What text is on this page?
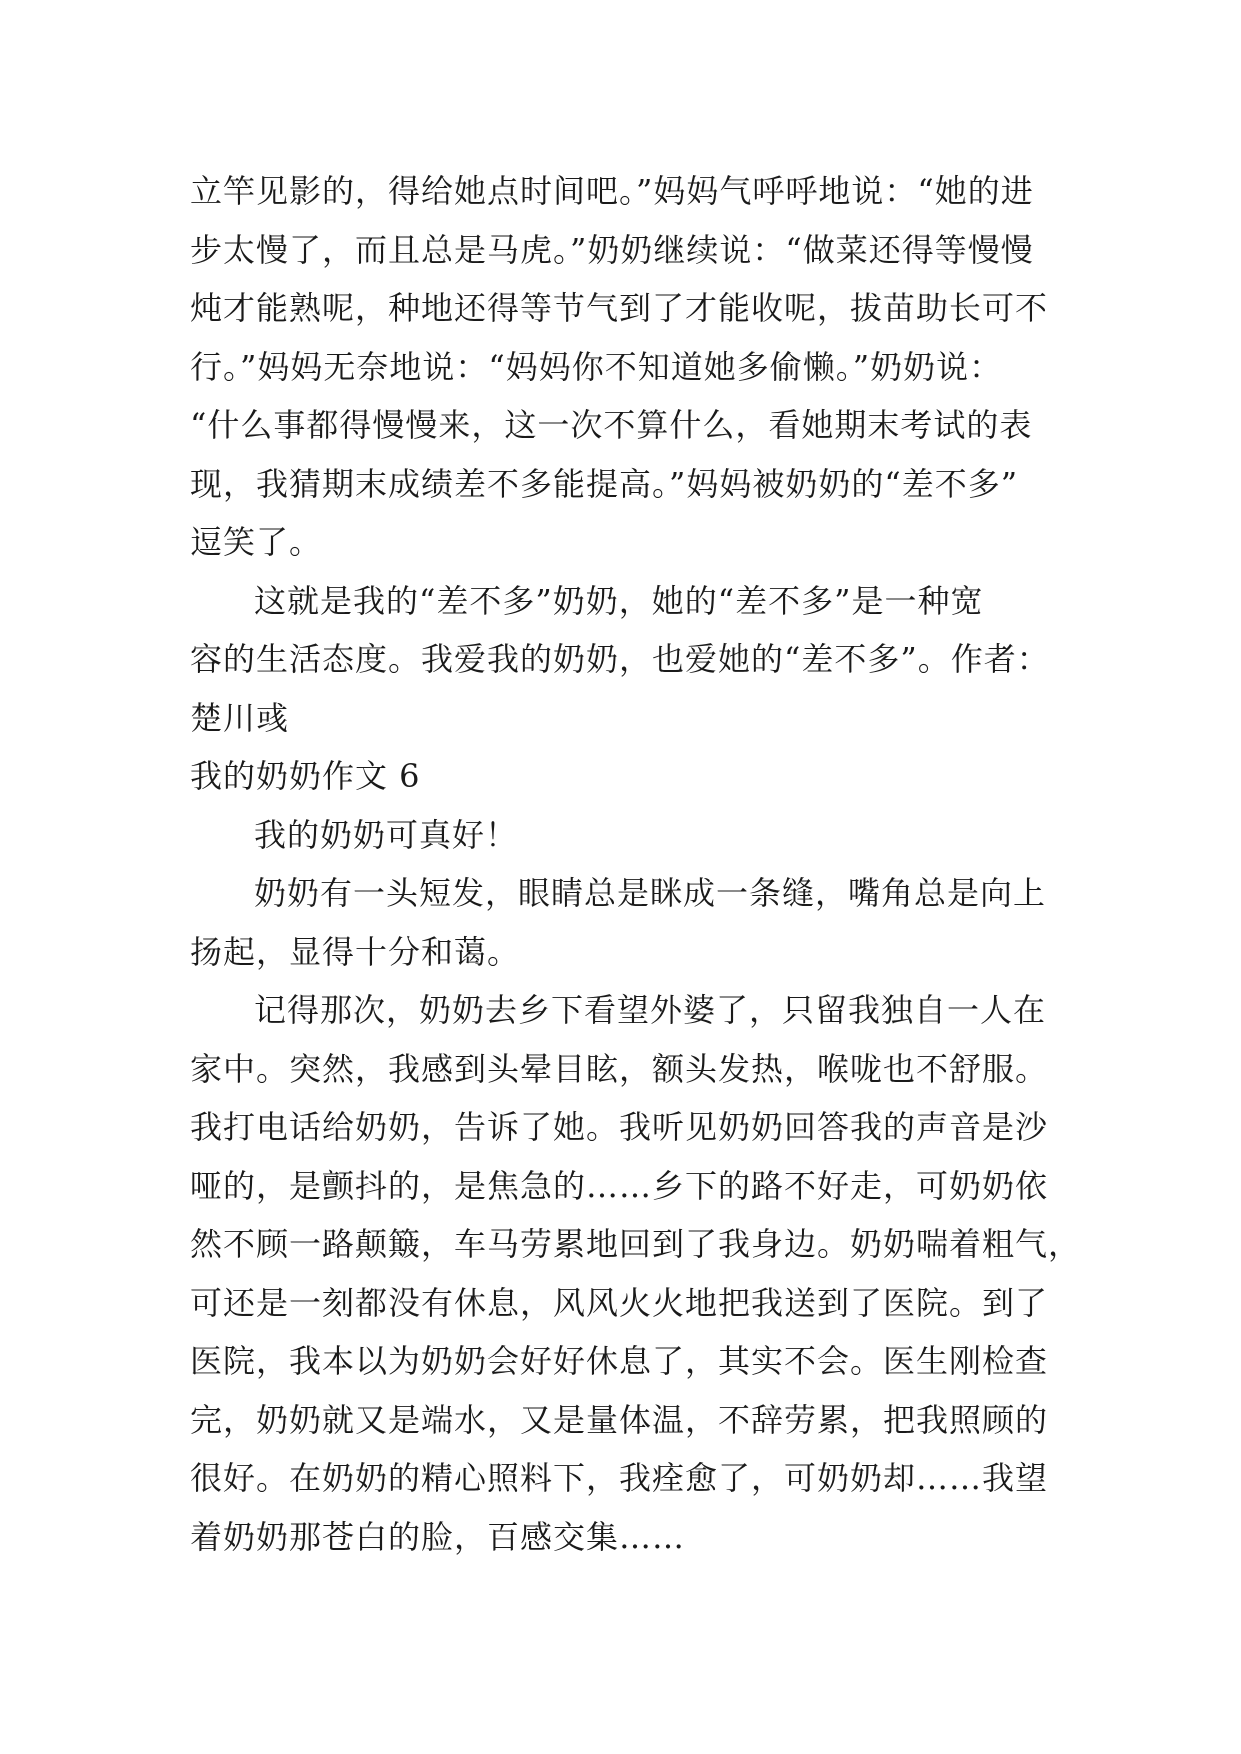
立竿见影的，得给她点时间吧。”妈妈气呼呼地说：“她的进
步太慢了，而且总是马虎。”奶奶继续说：“做菜还得等慢慢
炖才能熟呢，种地还得等节气到了才能收呢，拔苗助长可不
行。”妈妈无奈地说：“妈妈你不知道她多偷懒。”奶奶说：
“什么事都得慢慢来，这一次不算什么，看她期末考试的表
现，我猜期末成绩差不多能提高。”妈妈被奶奶的“差不多”
逗笑了。
这就是我的“差不多”奶奶，她的“差不多”是一种宽
容的生活态度。我爱我的奶奶，也爱她的“差不多”。作者：
楚川彧
我的奶奶作文 6
我的奶奶可真好！
奶奶有一头短发，眼睛总是眯成一条缝，嘴角总是向上
扬起，显得十分和蔼。
记得那次，奶奶去乡下看望外婆了，只留我独自一人在
家中。突然，我感到头晕目眩，额头发热，喉咙也不舒服。
我打电话给奶奶，告诉了她。我听见奶奶回答我的声音是沙
哑的，是颤抖的，是焦急的……乡下的路不好走，可奶奶依
然不顾一路颠簸，车马劳累地回到了我身边。奶奶喘着粗气，
可还是一刻都没有休息，风风火火地把我送到了医院。到了
医院，我本以为奶奶会好好休息了，其实不会。医生刚检查
完，奶奶就又是端水，又是量体温，不辞劳累，把我照顾的
很好。在奶奶的精心照料下，我痊愈了，可奶奶却……我望
着奶奶那苍白的脸，百感交集……
